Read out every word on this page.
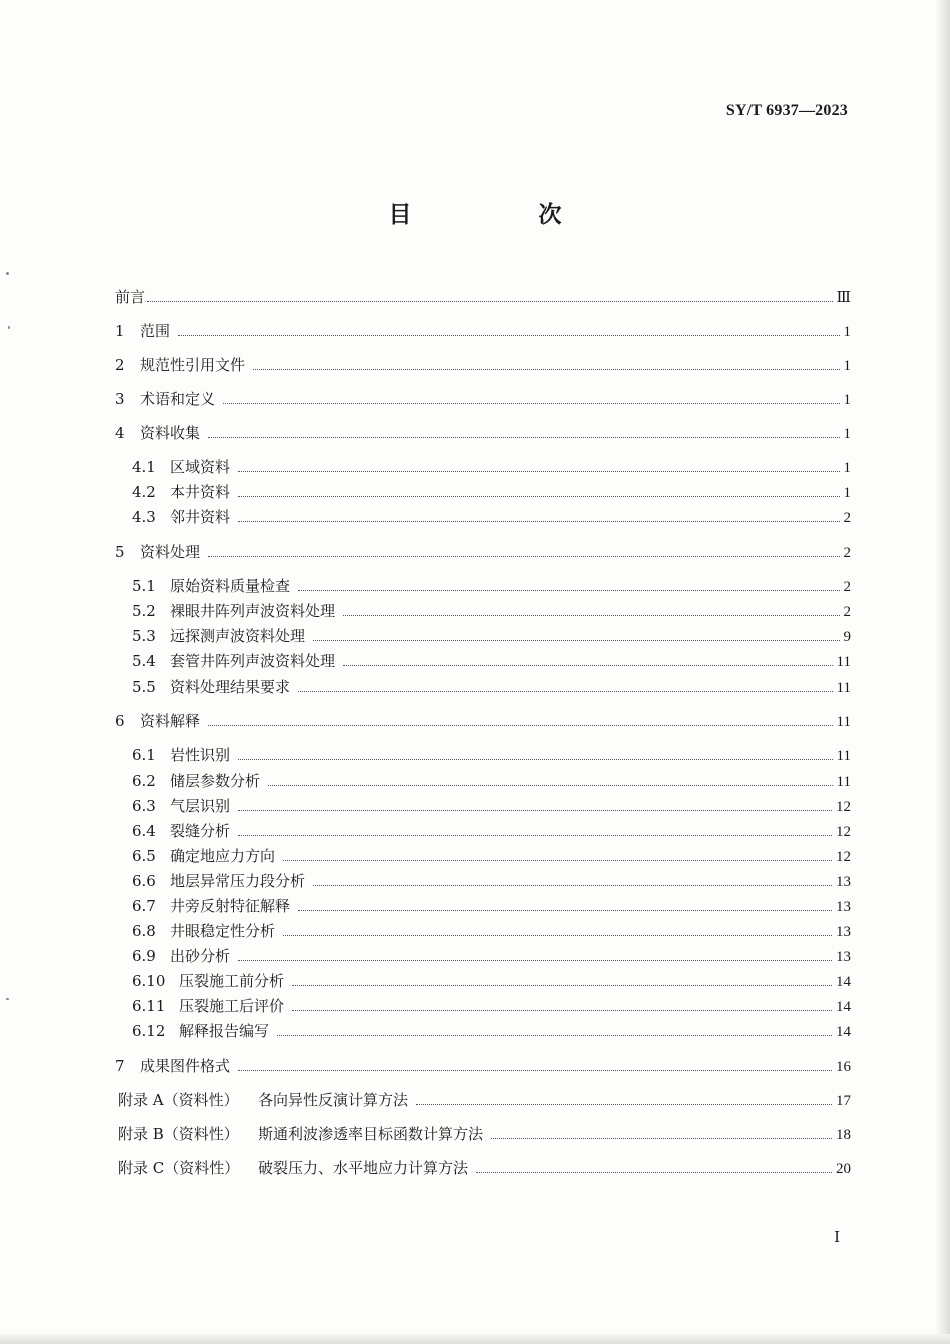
SY/T 6937—2023
目　次
前言	Ⅲ
1	范围	1
2	规范性引用文件	1
3	术语和定义	1
4	资料收集	1
4.1 区域资料	1
4.2 本井资料	1
4.3 邻井资料	2
5	资料处理	2
5.1 原始资料质量检查	2
5.2 裸眼井阵列声波资料处理	2
5.3 远探测声波资料处理	9
5.4 套管井阵列声波资料处理	11
5.5 资料处理结果要求	11
6	资料解释	11
6.1 岩性识别	11
6.2 储层参数分析	11
6.3 气层识别	12
6.4 裂缝分析	12
6.5 确定地应力方向	12
6.6 地层异常压力段分析	13
6.7 井旁反射特征解释	13
6.8 井眼稳定性分析	13
6.9 出砂分析	13
6.10 压裂施工前分析	14
6.11 压裂施工后评价	14
6.12 解释报告编写	14
7	成果图件格式	16
附录 A（资料性）	各向异性反演计算方法	17
附录 B（资料性）	斯通利波渗透率目标函数计算方法	18
附录 C（资料性）	破裂压力、水平地应力计算方法	20
Ⅰ
